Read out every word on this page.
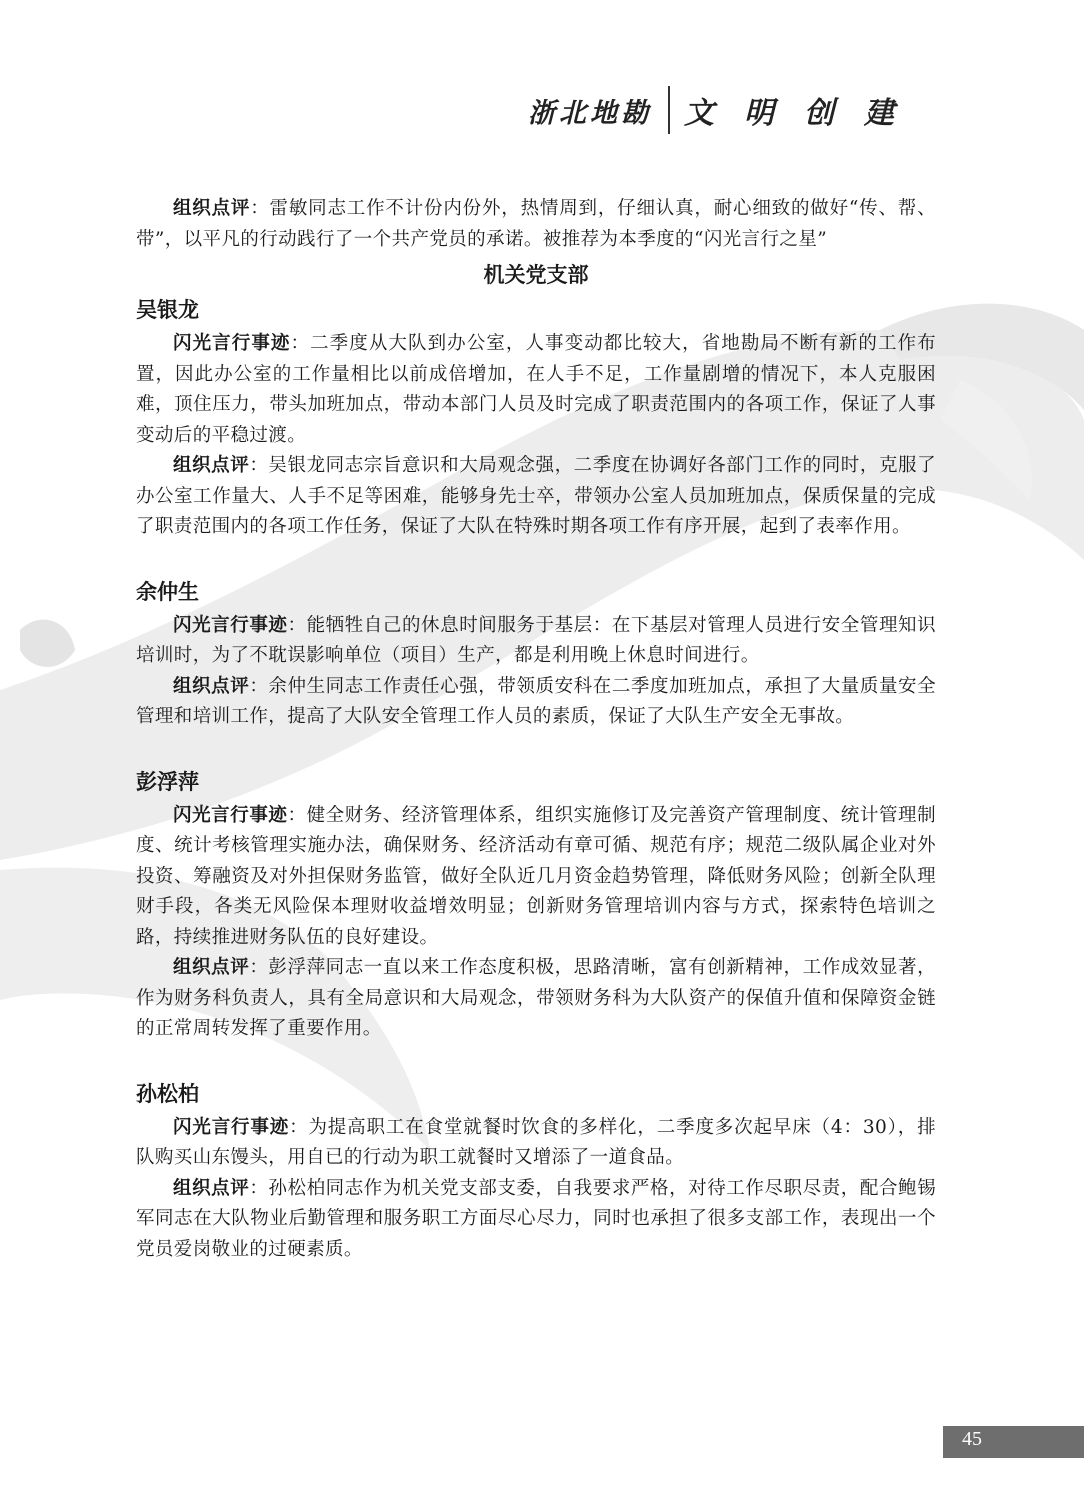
浙北地勘 文明创建

组织点评：雷敏同志工作不计份内份外，热情周到，仔细认真，耐心细致的做好“传、帮、带”，以平凡的行动践行了一个共产党员的承诺。被推荐为本季度的“闪光言行之星”

机关党支部
吴银龙

闪光言行事迹：二季度从大队到办公室，人事变动都比较大，省地勘局不断有新的工作布置，因此办公室的工作量相比以前成倍增加，在人手不足，工作量剧增的情况下，本人克服困难，顶住压力，带头加班加点，带动本部门人员及时完成了职责范围内的各项工作，保证了人事变动后的平稳过渡。

组织点评：吴银龙同志宗旨意识和大局观念强，二季度在协调好各部门工作的同时，克服了办公室工作量大、人手不足等困难，能够身先士卒，带领办公室人员加班加点，保质保量的完成了职责范围内的各项工作任务，保证了大队在特殊时期各项工作有序开展，起到了表率作用。

余仲生

闪光言行事迹：能牺牲自己的休息时间服务于基层：在下基层对管理人员进行安全管理知识培训时，为了不耽误影响单位（项目）生产，都是利用晚上休息时间进行。

组织点评：余仲生同志工作责任心强，带领质安科在二季度加班加点，承担了大量质量安全管理和培训工作，提高了大队安全管理工作人员的素质，保证了大队生产安全无事故。

彭浮萍

闪光言行事迹：健全财务、经济管理体系，组织实施修订及完善资产管理制度、统计管理制度、统计考核管理实施办法，确保财务、经济活动有章可循、规范有序；规范二级队属企业对外投资、筹融资及对外担保财务监管，做好全队近几月资金趋势管理，降低财务风险；创新全队理财手段，各类无风险保本理财收益增效明显；创新财务管理培训内容与方式，探索特色培训之路，持续推进财务队伍的良好建设。

组织点评：彭浮萍同志一直以来工作态度积极，思路清晰，富有创新精神，工作成效显著，作为财务科负责人，具有全局意识和大局观念，带领财务科为大队资产的保值升值和保障资金链的正常周转发挥了重要作用。

孙松柏

闪光言行事迹：为提高职工在食堂就餐时饮食的多样化，二季度多次起早床（4：30），排队购买山东馒头，用自已的行动为职工就餐时又增添了一道食品。

组织点评：孙松柏同志作为机关党支部支委，自我要求严格，对待工作尽职尽责，配合鲍锡军同志在大队物业后勤管理和服务职工方面尽心尽力，同时也承担了很多支部工作，表现出一个党员爱岗敬业的过硬素质。

45
